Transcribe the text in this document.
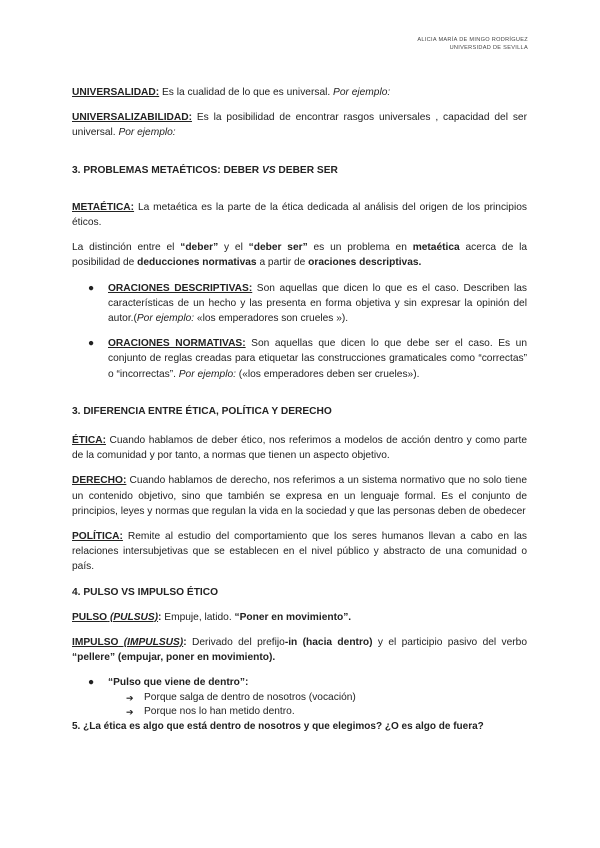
ALICIA MARÍA DE MINGO RODRÍGUEZ
UNIVERSIDAD DE SEVILLA

UNIVERSALIDAD: Es la cualidad de lo que es universal. Por ejemplo:

UNIVERSALIZABILIDAD: Es la posibilidad de encontrar rasgos universales , capacidad del ser universal. Por ejemplo:

3. PROBLEMAS METAÉTICOS: DEBER VS DEBER SER

METAÉTICA: La metaética es la parte de la ética dedicada al análisis del origen de los principios éticos.

La distinción entre el “deber” y el “deber ser” es un problema en metaética acerca de la posibilidad de deducciones normativas a partir de oraciones descriptivas.

● ORACIONES DESCRIPTIVAS: Son aquellas que dicen lo que es el caso. Describen las características de un hecho y las presenta en forma objetiva y sin expresar la opinión del autor.(Por ejemplo: «los emperadores son crueles »).
● ORACIONES NORMATIVAS: Son aquellas que dicen lo que debe ser el caso. Es un conjunto de reglas creadas para etiquetar las construcciones gramaticales como “correctas” o “incorrectas”. Por ejemplo: («los emperadores deben ser crueles»).

3. DIFERENCIA ENTRE ÉTICA, POLÍTICA Y DERECHO

ÉTICA: Cuando hablamos de deber ético, nos referimos a modelos de acción dentro y como parte de la comunidad y por tanto, a normas que tienen un aspecto objetivo.

DERECHO: Cuando hablamos de derecho, nos referimos a un sistema normativo que no solo tiene un contenido objetivo, sino que también se expresa en un lenguaje formal. Es el conjunto de principios, leyes y normas que regulan la vida en la sociedad y que las personas deben de obedecer

POLÍTICA: Remite al estudio del comportamiento que los seres humanos llevan a cabo en las relaciones intersubjetivas que se establecen en el nivel público y abstracto de una comunidad o país.

4. PULSO VS IMPULSO ÉTICO

PULSO (PULSUS): Empuje, latido. “Poner en movimiento”.

IMPULSO (IMPULSUS): Derivado del prefijo-in (hacia dentro) y el participio pasivo del verbo “pellere” (empujar, poner en movimiento).

● “Pulso que viene de dentro”:
➔ Porque salga de dentro de nosotros (vocación)
➔ Porque nos lo han metido dentro.

5. ¿La ética es algo que está dentro de nosotros y que elegimos? ¿O es algo de fuera?
